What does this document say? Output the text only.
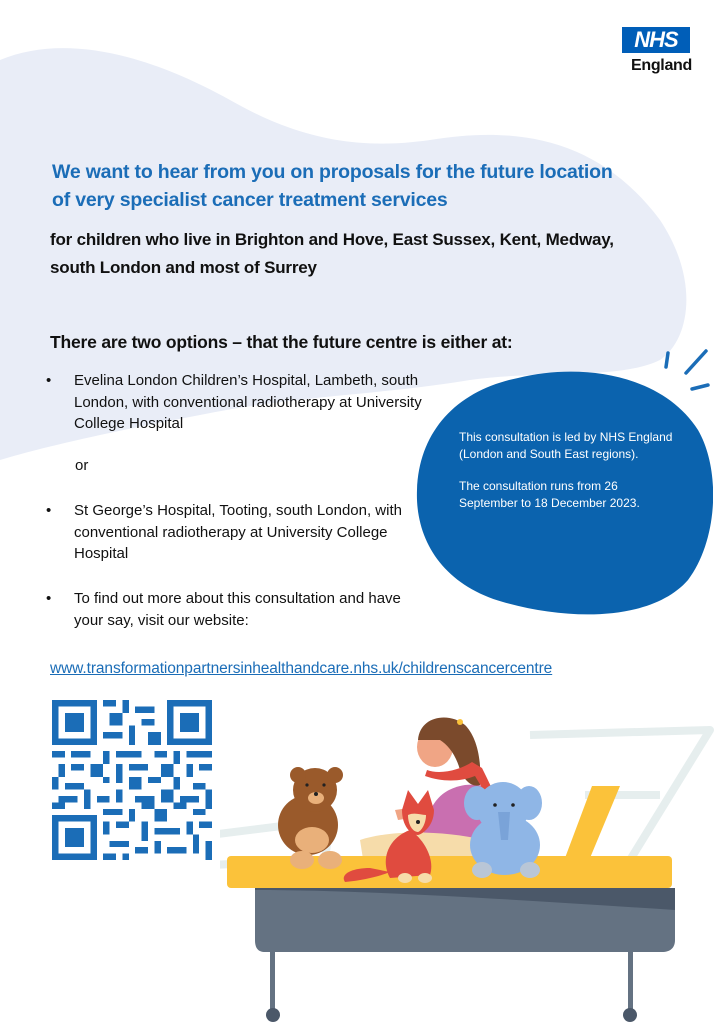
NHS
England
We want to hear from you on proposals for the future location of very specialist cancer treatment services
for children who live in Brighton and Hove, East Sussex, Kent, Medway, south London and most of Surrey
There are two options – that the future centre is either at:
•	Evelina London Children’s Hospital, Lambeth, south London, with conventional radiotherapy at University College Hospital
or
•	St George’s Hospital, Tooting, south London, with conventional radiotherapy at University College Hospital
•	To find out more about this consultation and have your say, visit our website:

This consultation is led by NHS England (London and South East regions).

The consultation runs from 26 September to 18 December 2023.

www.transformationpartnersinhealthandcare.nhs.uk/childrenscancercentre
